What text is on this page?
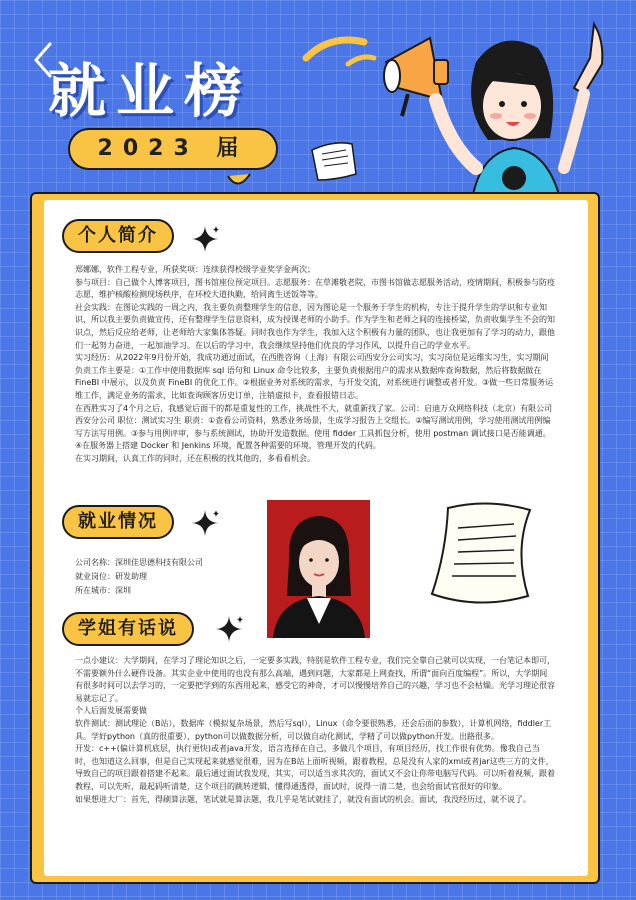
就业榜
2023 届
个人简介

郑娜娜，软件工程专业，所获奖项：连续获得校级学业奖学金两次；

参与项目：自己做个人博客项目，图书馆座位预定项目。志愿服务：在草滩敬老院，市图书馆做志愿服务活动，疫情期间，积极参与防疫志愿，维护核酸检测现场秩序，在环校大道执勤，给同离生送饭等等。

社会实践：在图论实践的一周之内，我主要负责整理学生的信息，因为图论是一个服务于学生的机构，专注于提升学生的学识和专业知识，所以我主要负责做宣传，还有整理学生信息资料，成为授课老师的小助手。作为学生和老师之间的连接桥梁，负责收集学生不会的知识点，然后反应给老师，让老师给大家集体答疑。同时我也作为学生，我加入这个积极有力量的团队，也让我更加有了学习的动力，跟他们一起努力奋进，一起加油学习。在以后的学习中，我会继续坚持他们优良的学习作风，以提升自己的学业水平。

实习经历：从2022年9月份开始，我成功通过面试，在西胜咨询（上海）有限公司西安分公司实习，实习岗位是运维实习生，实习期间负责工作主要是：①工作中使用数据库 sql 语句和 Linux 命令比较多，主要负责根据用户的需求从数据库查询数据，然后将数据做在 FineBI 中展示，以及负责 FineBI 的优化工作。②根据业务对系统的需求，与开发交流，对系统进行调整或者开发。③做一些日常服务运维工作，满足业务的需求，比如查询顾客历史订单，注销虚拟卡，查看报错日志。

在西胜实习了4个月之后，我感觉后面干的都是重复性的工作，挑战性不大，就重新找了家。公司：启迪万众网络科技（北京）有限公司西安分公司 职位：测试实习生 职责：①查看公司资料，熟悉业务场景，生成学习报告上交组长。②编写测试用例，学习使用测试用例编写方法写用例。③参与用例评审，参与系统测试，协助开发造数据。使用 fidder 工具抓包分析，使用 postman 调试接口是否能调通。④在服务器上搭建 Docker 和 Jenkins 环境，配置各种需要的环境，管理开发的代码。

在实习期间，认真工作的同时，还在积极的找其他的，多看看机会。

就业情况
公司名称：深圳佳思德科技有限公司
就业岗位：研发助理
所在城市：深圳
学姐有话说

一点小建议：大学期间，在学习了理论知识之后，一定要多实践，特别是软件工程专业，我们完全靠自己就可以实现，一台笔记本即可，不需要额外什么硬件设备。其实企业中使用的也没有那么高端，遇到问题，大家都是上网查找，所谓“面向百度编程”。所以，大学期间有很多时间可以去学习的，一定要把学到的东西用起来，感受它的神奇，才可以慢慢培养自己的兴趣，学习也不会枯燥。光学习理论很容易就忘记了。

个人后面发展需要做

软件测试：测试理论（B站），数据库（模拟复杂场景，然后写sql），Linux（命令要很熟悉，还会后面的参数），计算机网络，fiddler工具。学好python（真的很重要），python可以做数据分析，可以做自动化测试，学精了可以做python开发。出路很多。

开发：c++(偏计算机底层，执行更快)或者java开发，语言选择在自己，多做几个项目，有项目经历，找工作很有优势。像我自己当时，也知道这么回事，但是自己实现起来就感觉很难，因为在B站上面听视频，跟着教程，总是没有人家的xml或者jar这些三方的文件，导致自己的项目跟着搭建不起来。最后通过面试我发现，其实，可以适当求其次的，面试又不会让你带电脑写代码。可以听着视频，跟着教程，可以先听，最起码听清楚，这个项目的跳转逻辑，懂得通透得，面试时，说得一清二楚，也会给面试官很好的印象。

如果想进大厂：首先，得刷算法题，笔试就是算法题，我几乎是笔试就挂了，就没有面试的机会。面试，我没经历过，就不说了。
